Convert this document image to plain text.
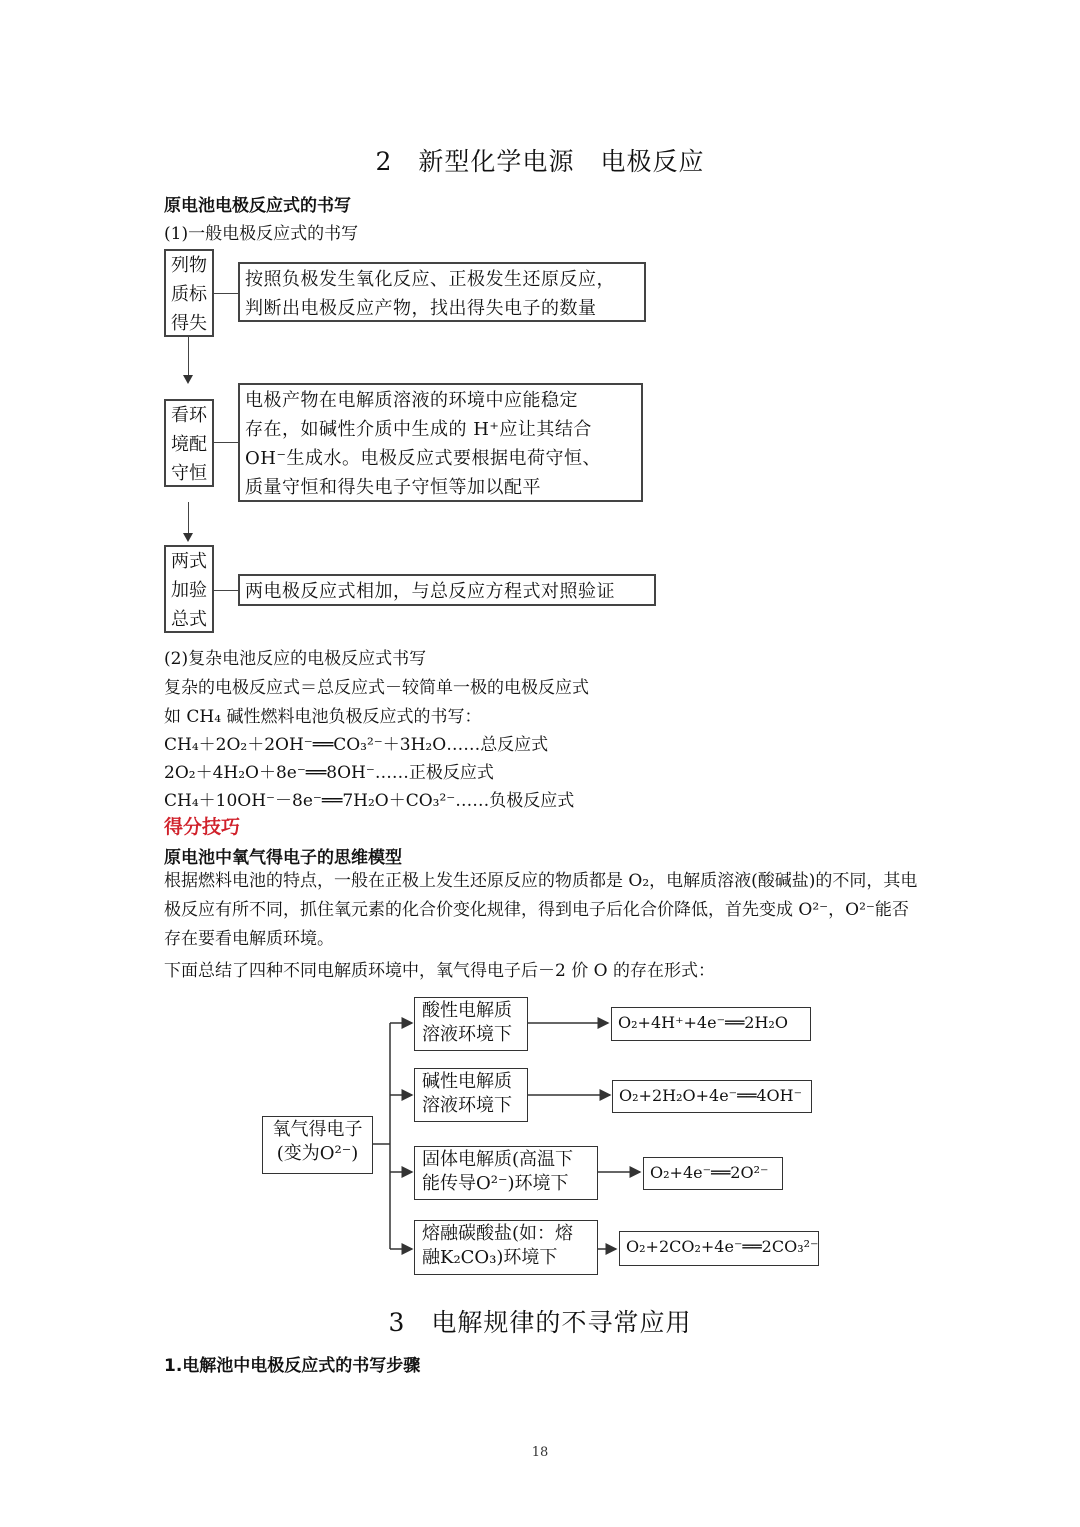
2　新型化学电源　电极反应
原电池电极反应式的书写
(1)一般电极反应式的书写
列物
质标
得失
按照负极发生氧化反应、正极发生还原反应，
判断出电极反应产物，找出得失电子的数量
看环
境配
守恒
电极产物在电解质溶液的环境中应能稳定
存在，如碱性介质中生成的 H⁺应让其结合
OH⁻生成水。电极反应式要根据电荷守恒、
质量守恒和得失电子守恒等加以配平
两式
加验
总式
两电极反应式相加，与总反应方程式对照验证
(2)复杂电池反应的电极反应式书写
复杂的电极反应式＝总反应式－较简单一极的电极反应式
如 CH₄ 碱性燃料电池负极反应式的书写：
CH₄＋2O₂＋2OH⁻══CO₃²⁻＋3H₂O……总反应式
2O₂＋4H₂O＋8e⁻══8OH⁻……正极反应式
CH₄＋10OH⁻－8e⁻══7H₂O＋CO₃²⁻……负极反应式
得分技巧
原电池中氧气得电子的思维模型
根据燃料电池的特点，一般在正极上发生还原反应的物质都是 O₂，电解质溶液(酸碱盐)的不同，其电极反应有所不同，抓住氧元素的化合价变化规律，得到电子后化合价降低，首先变成 O²⁻，O²⁻能否存在要看电解质环境。
下面总结了四种不同电解质环境中，氧气得电子后－2 价 O 的存在形式：
氧气得电子
(变为O²⁻)
酸性电解质
溶液环境下
碱性电解质
溶液环境下
固体电解质(高温下
能传导O²⁻)环境下
熔融碳酸盐(如：熔
融K₂CO₃)环境下
O₂+4H⁺+4e⁻══2H₂O
O₂+2H₂O+4e⁻══4OH⁻
O₂+4e⁻══2O²⁻
O₂+2CO₂+4e⁻══2CO₃²⁻
3　电解规律的不寻常应用
1.电解池中电极反应式的书写步骤
18
